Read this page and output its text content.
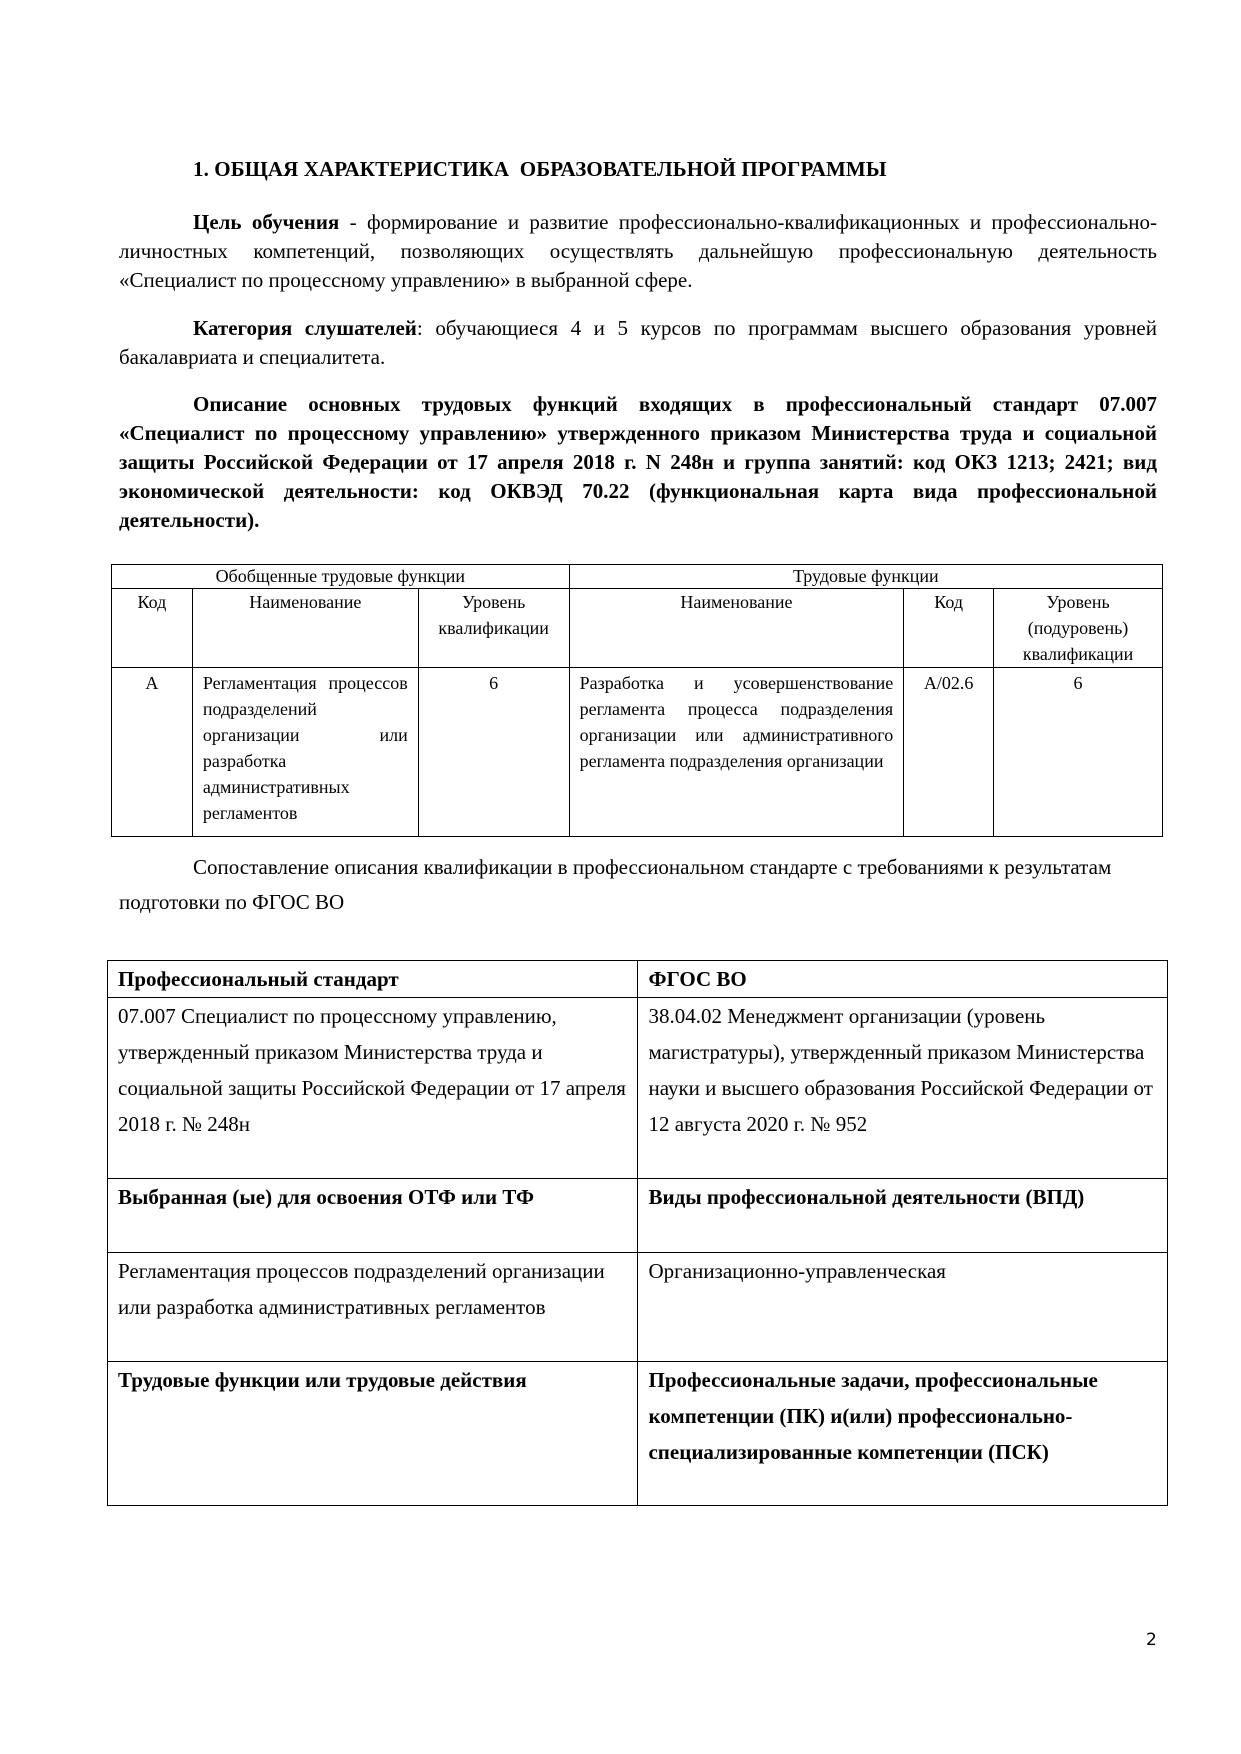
1. ОБЩАЯ ХАРАКТЕРИСТИКА  ОБРАЗОВАТЕЛЬНОЙ ПРОГРАММЫ

Цель обучения - формирование и развитие профессионально-квалификационных и профессионально-личностных компетенций, позволяющих осуществлять дальнейшую профессиональную деятельность «Специалист по процессному управлению» в выбранной сфере.

Категория слушателей: обучающиеся 4 и 5 курсов по программам высшего образования уровней бакалавриата и специалитета.

Описание основных трудовых функций входящих в профессиональный стандарт 07.007 «Специалист по процессному управлению» утвержденного приказом Министерства труда и социальной защиты Российской Федерации от 17 апреля 2018 г. N 248н и группа занятий: код ОКЗ 1213; 2421; вид экономической деятельности: код ОКВЭД 70.22 (функциональная карта вида профессиональной деятельности).

Обобщенные трудовые функции			Трудовые функции		
Код	Наименование	Уровень квалификации	Наименование	Код	Уровень (подуровень) квалификации
А	Регламентация процессов подразделений организации или разработка административных регламентов	6	Разработка и усовершенствование регламента процесса подразделения организации или административного регламента подразделения организации	А/02.6	6

Сопоставление описания квалификации в профессиональном стандарте с требованиями к результатам подготовки по ФГОС ВО

Профессиональный стандарт	ФГОС ВО
07.007 Специалист по процессному управлению, утвержденный приказом Министерства труда и социальной защиты Российской Федерации от 17 апреля 2018 г. № 248н	38.04.02 Менеджмент организации (уровень магистратуры), утвержденный приказом Министерства науки и высшего образования Российской Федерации от 12 августа 2020 г. № 952
Выбранная (ые) для освоения ОТФ или ТФ	Виды профессиональной деятельности (ВПД)
Регламентация процессов подразделений организации или разработка административных регламентов	Организационно-управленческая
Трудовые функции или трудовые действия	Профессиональные задачи, профессиональные компетенции (ПК) и(или) профессионально-специализированные компетенции (ПСК)
2
